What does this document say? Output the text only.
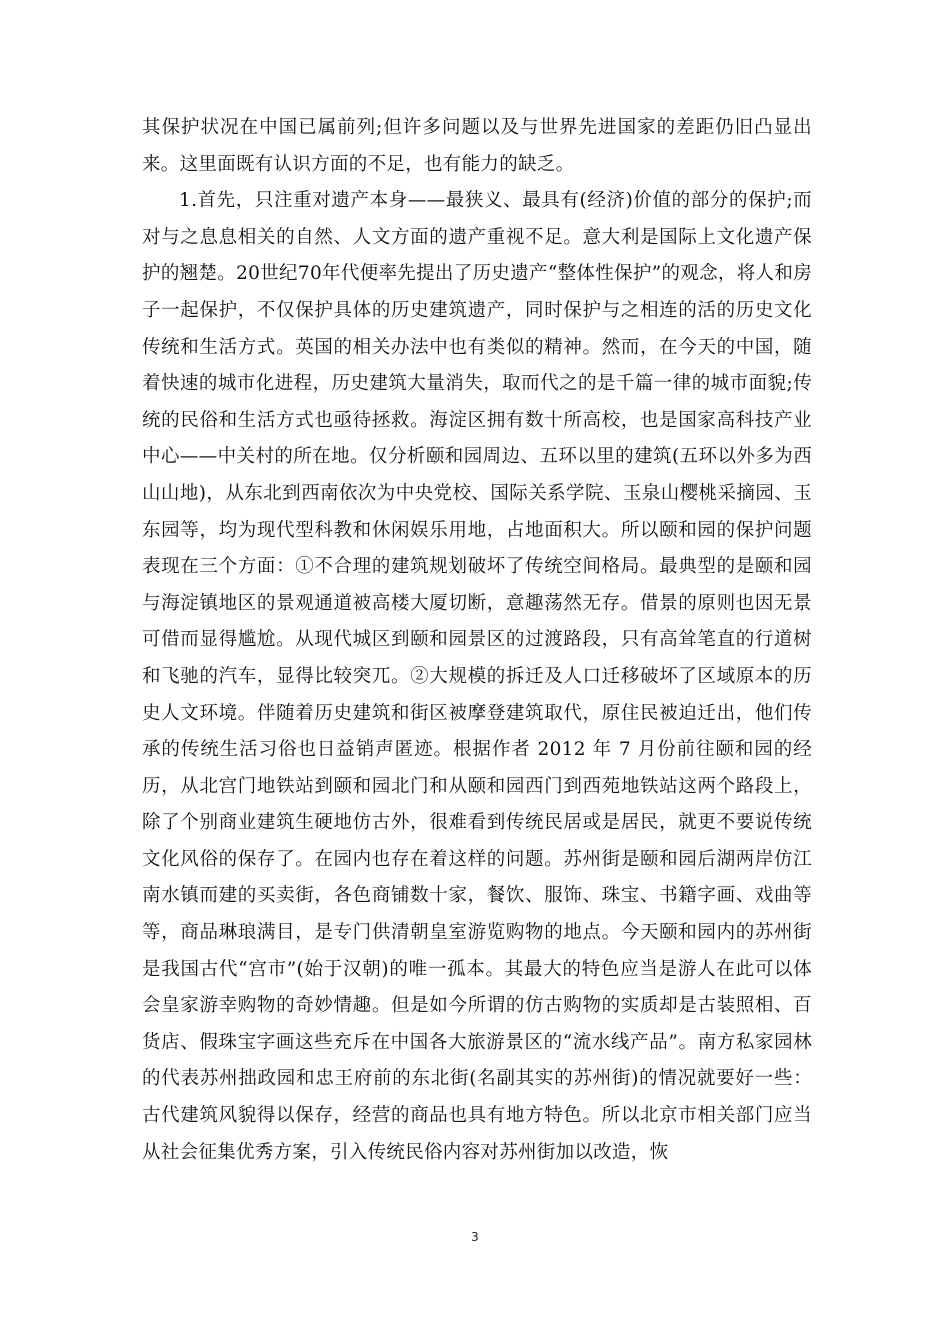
其保护状况在中国已属前列;但许多问题以及与世界先进国家的差距仍旧凸显出来。这里面既有认识方面的不足，也有能力的缺乏。

1.首先，只注重对遗产本身——最狭义、最具有(经济)价值的部分的保护;而对与之息息相关的自然、人文方面的遗产重视不足。意大利是国际上文化遗产保护的翘楚。20世纪70年代便率先提出了历史遗产“整体性保护”的观念，将人和房子一起保护，不仅保护具体的历史建筑遗产，同时保护与之相连的活的历史文化传统和生活方式。英国的相关办法中也有类似的精神。然而，在今天的中国，随着快速的城市化进程，历史建筑大量消失，取而代之的是千篇一律的城市面貌;传统的民俗和生活方式也亟待拯救。海淀区拥有数十所高校，也是国家高科技产业中心——中关村的所在地。仅分析颐和园周边、五环以里的建筑(五环以外多为西山山地)，从东北到西南依次为中央党校、国际关系学院、玉泉山樱桃采摘园、玉东园等，均为现代型科教和休闲娱乐用地，占地面积大。所以颐和园的保护问题表现在三个方面：①不合理的建筑规划破坏了传统空间格局。最典型的是颐和园与海淀镇地区的景观通道被高楼大厦切断，意趣荡然无存。借景的原则也因无景可借而显得尴尬。从现代城区到颐和园景区的过渡路段，只有高耸笔直的行道树和飞驰的汽车，显得比较突兀。②大规模的拆迁及人口迁移破坏了区域原本的历史人文环境。伴随着历史建筑和街区被摩登建筑取代，原住民被迫迁出，他们传承的传统生活习俗也日益销声匿迹。根据作者 2012 年 7 月份前往颐和园的经历，从北宫门地铁站到颐和园北门和从颐和园西门到西苑地铁站这两个路段上，除了个别商业建筑生硬地仿古外，很难看到传统民居或是居民，就更不要说传统文化风俗的保存了。在园内也存在着这样的问题。苏州街是颐和园后湖两岸仿江南水镇而建的买卖街，各色商铺数十家，餐饮、服饰、珠宝、书籍字画、戏曲等等，商品琳琅满目，是专门供清朝皇室游览购物的地点。今天颐和园内的苏州街是我国古代“宫市”(始于汉朝)的唯一孤本。其最大的特色应当是游人在此可以体会皇家游幸购物的奇妙情趣。但是如今所谓的仿古购物的实质却是古装照相、百货店、假珠宝字画这些充斥在中国各大旅游景区的“流水线产品”。南方私家园林的代表苏州拙政园和忠王府前的东北街(名副其实的苏州街)的情况就要好一些：古代建筑风貌得以保存，经营的商品也具有地方特色。所以北京市相关部门应当从社会征集优秀方案，引入传统民俗内容对苏州街加以改造，恢

3
